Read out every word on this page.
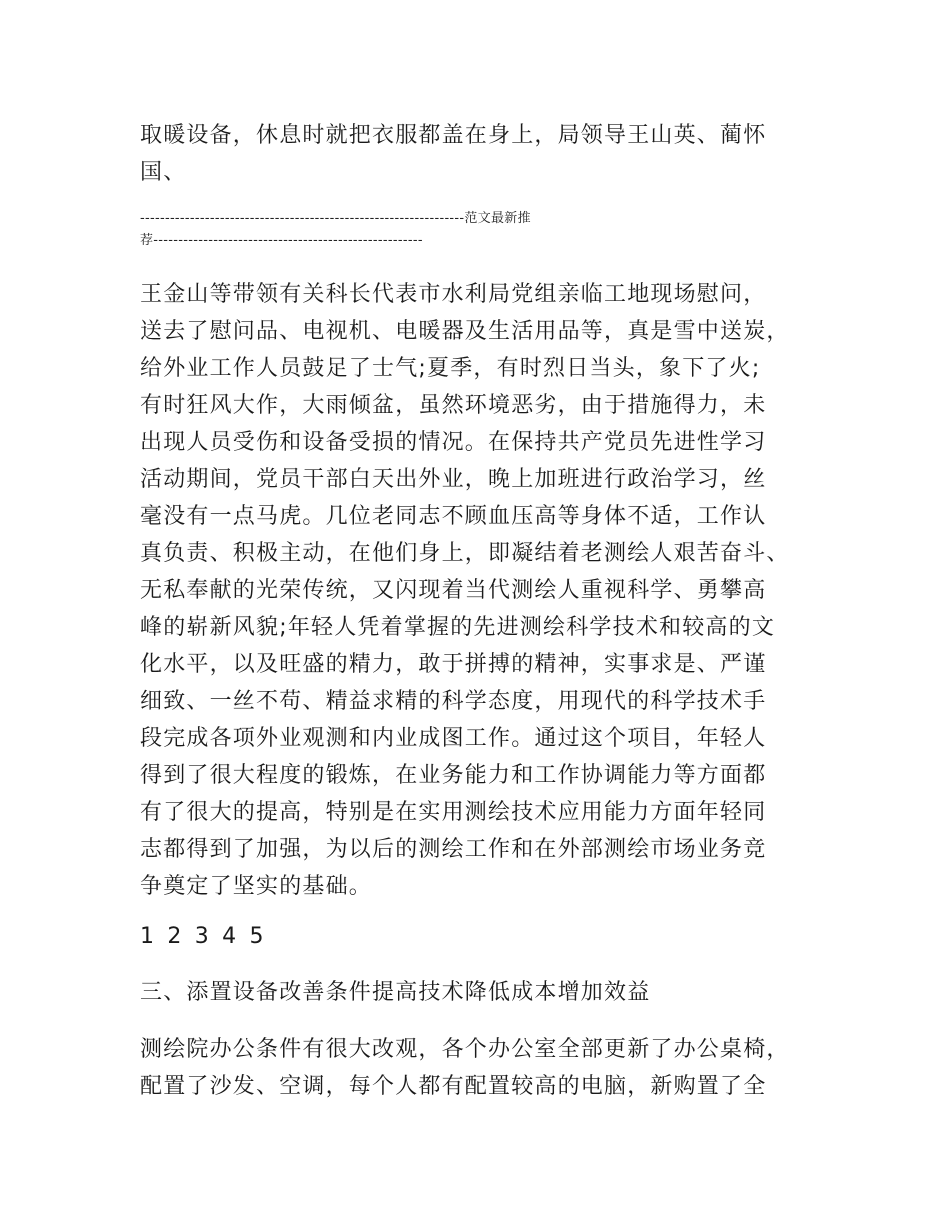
取暖设备，休息时就把衣服都盖在身上，局领导王山英、蔺怀
国、

-----------------------------------------------------------------范文最新推
荐------------------------------------------------------

王金山等带领有关科长代表市水利局党组亲临工地现场慰问，
送去了慰问品、电视机、电暖器及生活用品等，真是雪中送炭，
给外业工作人员鼓足了士气;夏季，有时烈日当头，象下了火;
有时狂风大作，大雨倾盆，虽然环境恶劣，由于措施得力，未
出现人员受伤和设备受损的情况。在保持共产党员先进性学习
活动期间，党员干部白天出外业，晚上加班进行政治学习，丝
毫没有一点马虎。几位老同志不顾血压高等身体不适，工作认
真负责、积极主动，在他们身上，即凝结着老测绘人艰苦奋斗、
无私奉献的光荣传统，又闪现着当代测绘人重视科学、勇攀高
峰的崭新风貌;年轻人凭着掌握的先进测绘科学技术和较高的文
化水平，以及旺盛的精力，敢于拼搏的精神，实事求是、严谨
细致、一丝不苟、精益求精的科学态度，用现代的科学技术手
段完成各项外业观测和内业成图工作。通过这个项目，年轻人
得到了很大程度的锻炼，在业务能力和工作协调能力等方面都
有了很大的提高，特别是在实用测绘技术应用能力方面年轻同
志都得到了加强，为以后的测绘工作和在外部测绘市场业务竞
争奠定了坚实的基础。

1 2 3 4 5

三、添置设备改善条件提高技术降低成本增加效益

测绘院办公条件有很大改观，各个办公室全部更新了办公桌椅，
配置了沙发、空调，每个人都有配置较高的电脑，新购置了全
